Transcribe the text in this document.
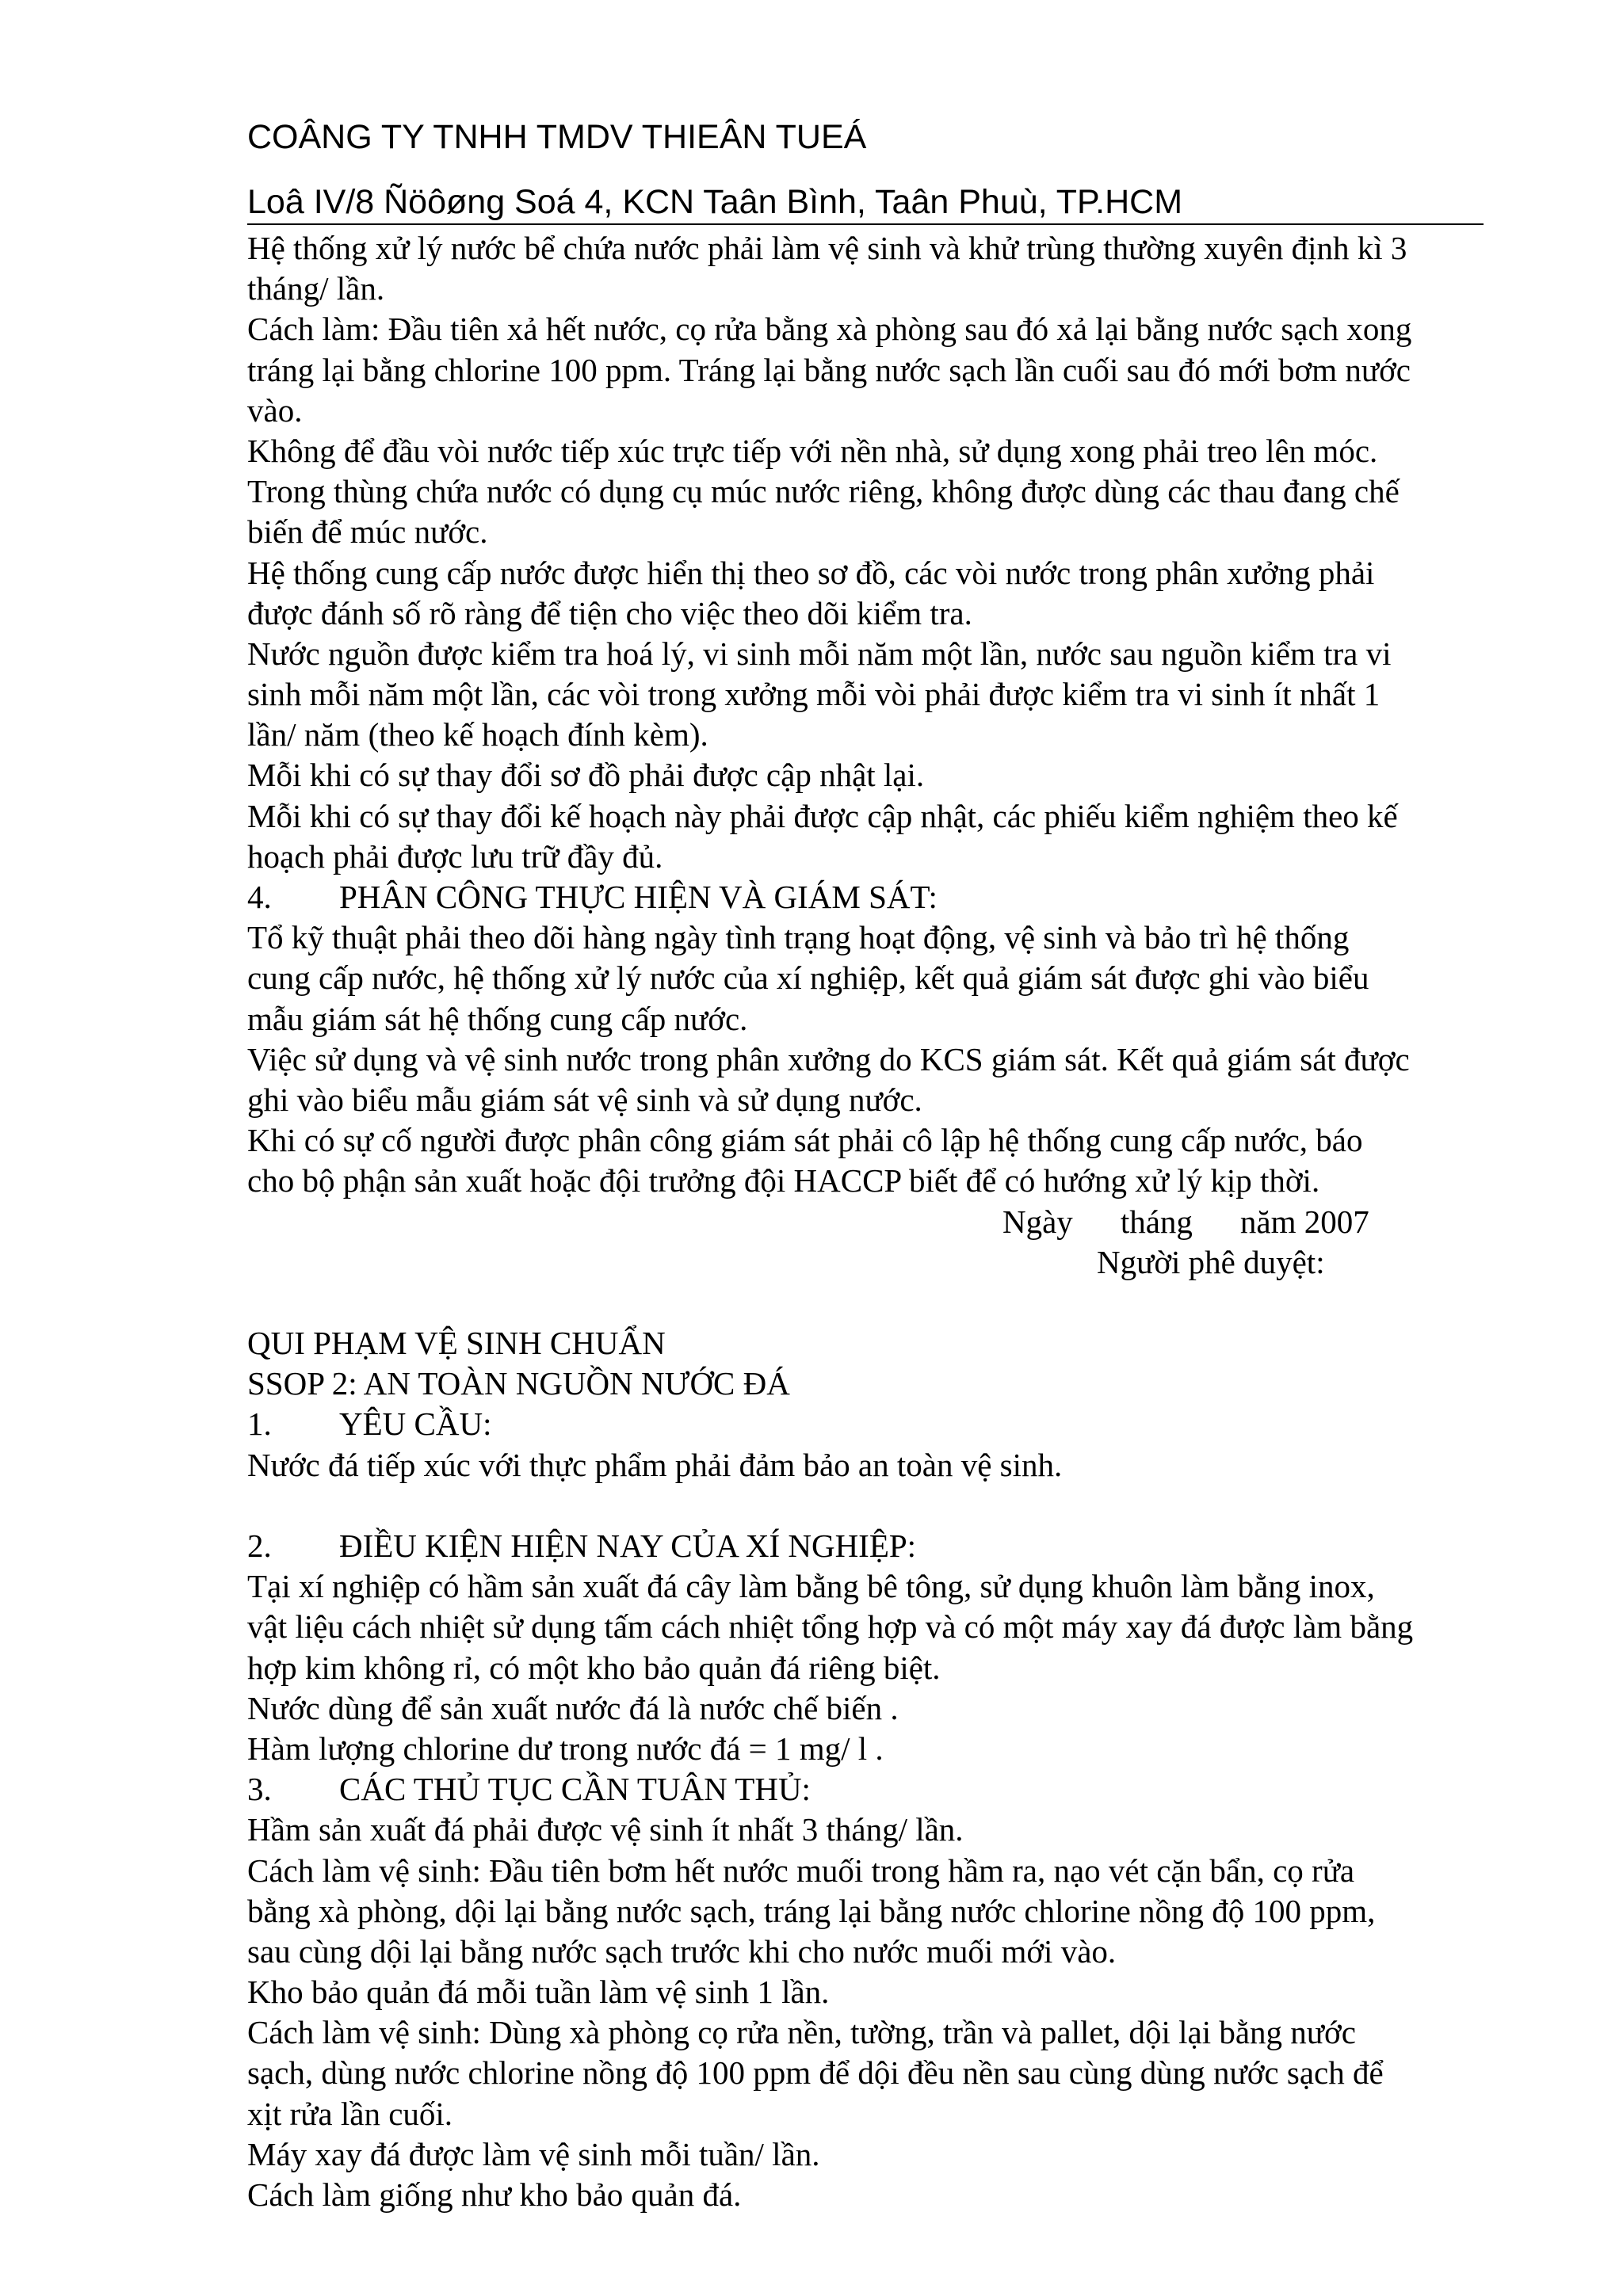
COÂNG TY TNHH TMDV THIEÂN TUEÁ
Loâ IV/8 Ñöôøng Soá 4, KCN Taân Bình, Taân Phuù, TP.HCM
Hệ thống xử lý nước bể chứa nước phải làm vệ sinh và khử trùng thường xuyên định kì 3
tháng/ lần.
Cách làm: Đầu tiên xả hết nước, cọ rửa bằng xà phòng sau đó xả lại bằng nước sạch xong
tráng lại bằng chlorine 100 ppm. Tráng lại bằng nước sạch lần cuối sau đó mới bơm nước
vào.
Không để đầu vòi nước tiếp xúc trực tiếp với nền nhà, sử dụng xong phải treo lên móc.
Trong thùng chứa nước có dụng cụ múc nước riêng, không được dùng các thau đang chế
biến để múc nước.
Hệ thống cung cấp nước được hiển thị theo sơ đồ, các vòi nước trong phân xưởng phải
được đánh số rõ ràng để tiện cho việc theo dõi kiểm tra.
Nước nguồn được kiểm tra hoá lý, vi sinh mỗi năm một lần, nước sau nguồn kiểm tra vi
sinh mỗi năm một lần, các vòi trong xưởng mỗi vòi phải được kiểm tra vi sinh ít nhất 1
lần/ năm (theo kế hoạch đính kèm).
Mỗi khi có sự thay đổi sơ đồ phải được cập nhật lại.
Mỗi khi có sự thay đổi kế hoạch này phải được cập nhật, các phiếu kiểm nghiệm theo kế
hoạch phải được lưu trữ đầy đủ.
4. PHÂN CÔNG THỰC HIỆN VÀ GIÁM SÁT:
Tổ kỹ thuật phải theo dõi hàng ngày tình trạng hoạt động, vệ sinh và bảo trì hệ thống
cung cấp nước, hệ thống xử lý nước của xí nghiệp, kết quả giám sát được ghi vào biểu
mẫu giám sát hệ thống cung cấp nước.
Việc sử dụng và vệ sinh nước trong phân xưởng do KCS giám sát. Kết quả giám sát được
ghi vào biểu mẫu giám sát vệ sinh và sử dụng nước.
Khi có sự cố người được phân công giám sát phải cô lập hệ thống cung cấp nước, báo
cho bộ phận sản xuất hoặc đội trưởng đội HACCP biết để có hướng xử lý kịp thời.
Ngày tháng năm 2007
Người phê duyệt:
QUI PHẠM VỆ SINH CHUẨN
SSOP 2: AN TOÀN NGUỒN NƯỚC ĐÁ
1. YÊU CẦU:
Nước đá tiếp xúc với thực phẩm phải đảm bảo an toàn vệ sinh.
2. ĐIỀU KIỆN HIỆN NAY CỦA XÍ NGHIỆP:
Tại xí nghiệp có hầm sản xuất đá cây làm bằng bê tông, sử dụng khuôn làm bằng inox,
vật liệu cách nhiệt sử dụng tấm cách nhiệt tổng hợp và có một máy xay đá được làm bằng
hợp kim không rỉ, có một kho bảo quản đá riêng biệt.
Nước dùng để sản xuất nước đá là nước chế biến .
Hàm lượng chlorine dư trong nước đá = 1 mg/ l .
3. CÁC THỦ TỤC CẦN TUÂN THỦ:
Hầm sản xuất đá phải được vệ sinh ít nhất 3 tháng/ lần.
Cách làm vệ sinh: Đầu tiên bơm hết nước muối trong hầm ra, nạo vét cặn bẩn, cọ rửa
bằng xà phòng, dội lại bằng nước sạch, tráng lại bằng nước chlorine nồng độ 100 ppm,
sau cùng dội lại bằng nước sạch trước khi cho nước muối mới vào.
Kho bảo quản đá mỗi tuần làm vệ sinh 1 lần.
Cách làm vệ sinh: Dùng xà phòng cọ rửa nền, tường, trần và pallet, dội lại bằng nước
sạch, dùng nước chlorine nồng độ 100 ppm để dội đều nền sau cùng dùng nước sạch để
xịt rửa lần cuối.
Máy xay đá được làm vệ sinh mỗi tuần/ lần.
Cách làm giống như kho bảo quản đá.
